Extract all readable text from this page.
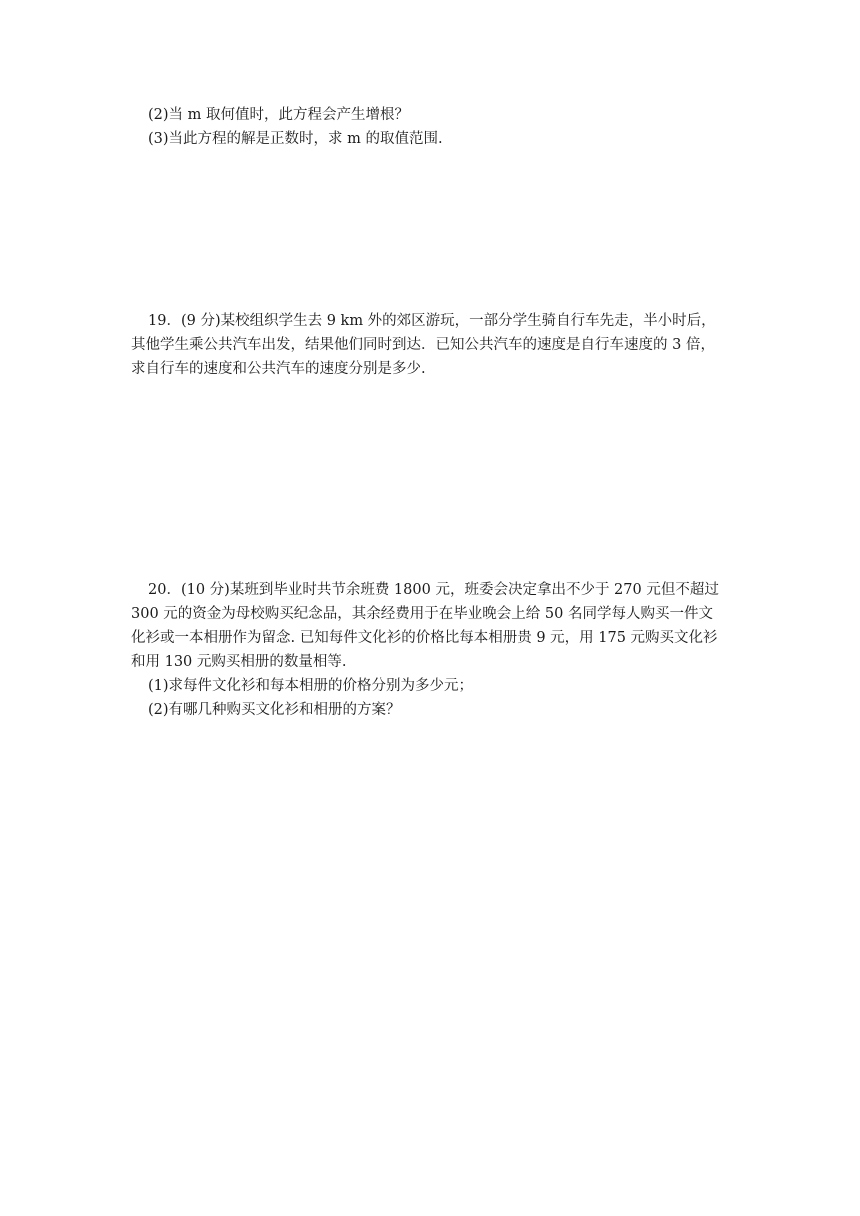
(2)当 m 取何值时，此方程会产生增根？
(3)当此方程的解是正数时，求 m 的取值范围.
19．(9 分)某校组织学生去 9 km 外的郊区游玩，一部分学生骑自行车先走，半小时后，
其他学生乘公共汽车出发，结果他们同时到达．已知公共汽车的速度是自行车速度的 3 倍，
求自行车的速度和公共汽车的速度分别是多少.
20．(10 分)某班到毕业时共节余班费 1800 元，班委会决定拿出不少于 270 元但不超过
300 元的资金为母校购买纪念品，其余经费用于在毕业晚会上给 50 名同学每人购买一件文
化衫或一本相册作为留念. 已知每件文化衫的价格比每本相册贵 9 元，用 175 元购买文化衫
和用 130 元购买相册的数量相等.
(1)求每件文化衫和每本相册的价格分别为多少元；
(2)有哪几种购买文化衫和相册的方案？
